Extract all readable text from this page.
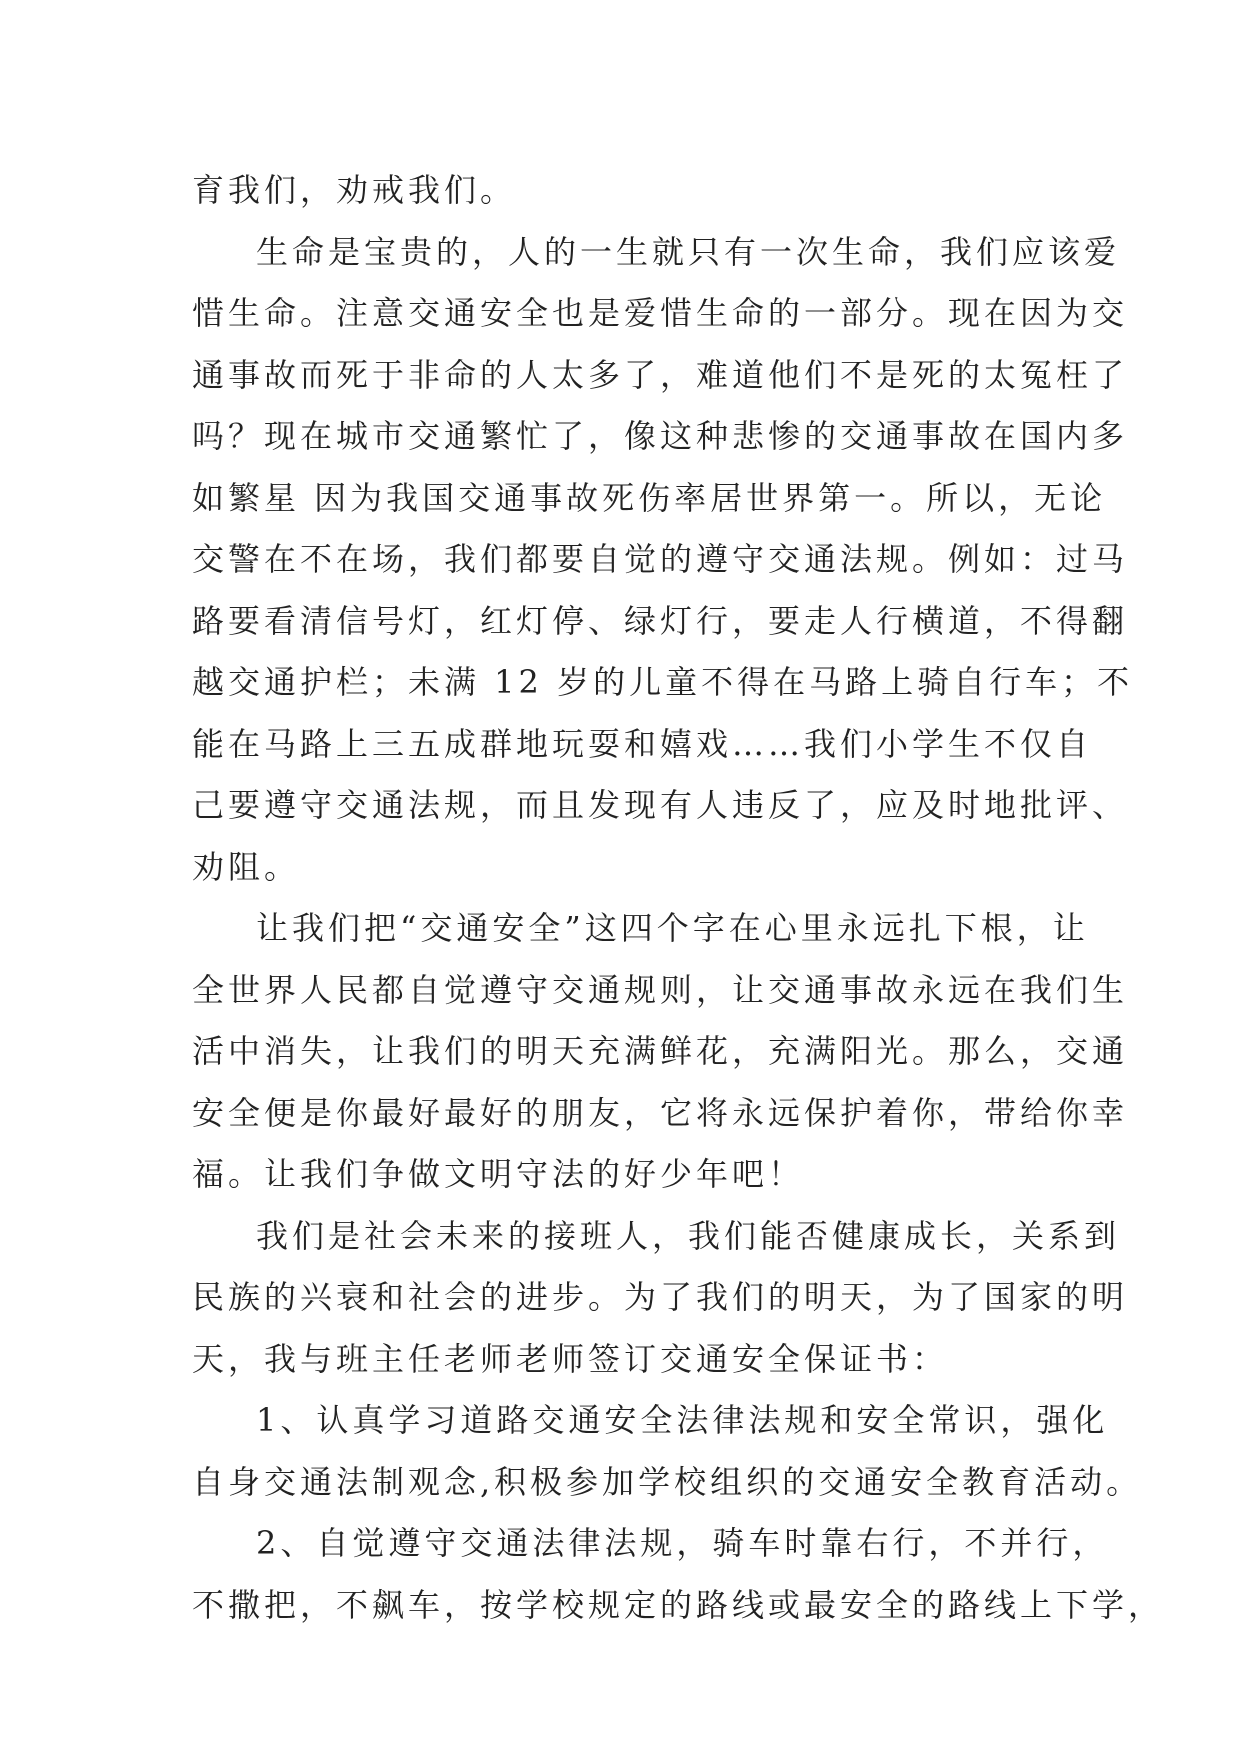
育我们，劝戒我们。
生命是宝贵的，人的一生就只有一次生命，我们应该爱
惜生命。注意交通安全也是爱惜生命的一部分。现在因为交
通事故而死于非命的人太多了，难道他们不是死的太冤枉了
吗？现在城市交通繁忙了，像这种悲惨的交通事故在国内多
如繁星 因为我国交通事故死伤率居世界第一。所以，无论
交警在不在场，我们都要自觉的遵守交通法规。例如：过马
路要看清信号灯，红灯停、绿灯行，要走人行横道，不得翻
越交通护栏；未满 12 岁的儿童不得在马路上骑自行车；不
能在马路上三五成群地玩耍和嬉戏……我们小学生不仅自
己要遵守交通法规，而且发现有人违反了，应及时地批评、
劝阻。
让我们把“交通安全”这四个字在心里永远扎下根，让
全世界人民都自觉遵守交通规则，让交通事故永远在我们生
活中消失，让我们的明天充满鲜花，充满阳光。那么，交通
安全便是你最好最好的朋友，它将永远保护着你，带给你幸
福。让我们争做文明守法的好少年吧！
我们是社会未来的接班人，我们能否健康成长，关系到
民族的兴衰和社会的进步。为了我们的明天，为了国家的明
天，我与班主任老师老师签订交通安全保证书：
1、认真学习道路交通安全法律法规和安全常识，强化
自身交通法制观念,积极参加学校组织的交通安全教育活动。
2、自觉遵守交通法律法规，骑车时靠右行，不并行，
不撒把，不飙车，按学校规定的路线或最安全的路线上下学，
